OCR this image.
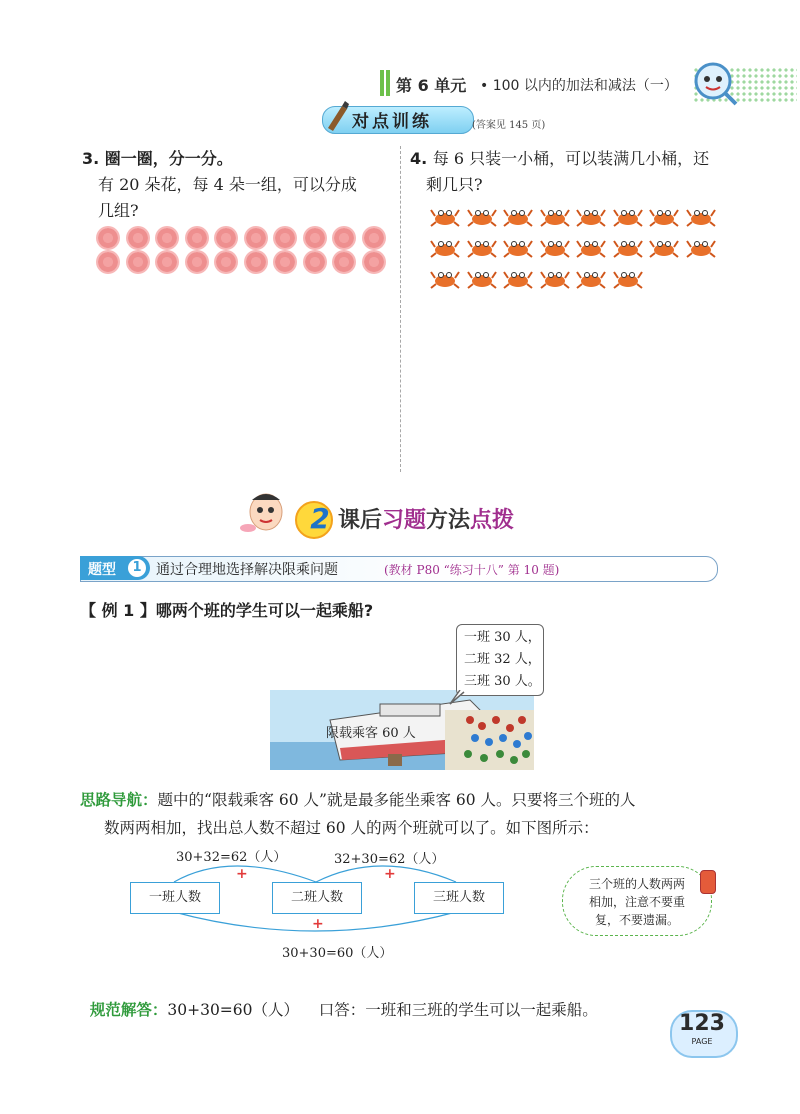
第 6 单元 • 100 以内的加法和减法（一）
对点训练	(答案见 145 页)
3. 圈一圈，分一分。
有 20 朵花，每 4 朵一组，可以分成
几组?
4. 每 6 只装一小桶，可以装满几小桶，还
剩几只?
2 课后习题方法点拨
题型	1	通过合理地选择解决限乘问题	(教材 P80 “练习十八” 第 10 题)
【 例 1 】哪两个班的学生可以一起乘船?
限载乘客 60 人
一班 30 人，
二班 32 人，
三班 30 人。
思路导航：题中的“限载乘客 60 人”就是最多能坐乘客 60 人。只要将三个班的人
数两两相加，找出总人数不超过 60 人的两个班就可以了。如下图所示：
30+32=62（人）	32+30=62（人）
30+30=60（人）
+	+
+
一班人数	二班人数	三班人数
三个班的人数两两
相加，注意不要重
复，不要遗漏。

规范解答：30+30=60（人）    口答：一班和三班的学生可以一起乘船。

123
PAGE
